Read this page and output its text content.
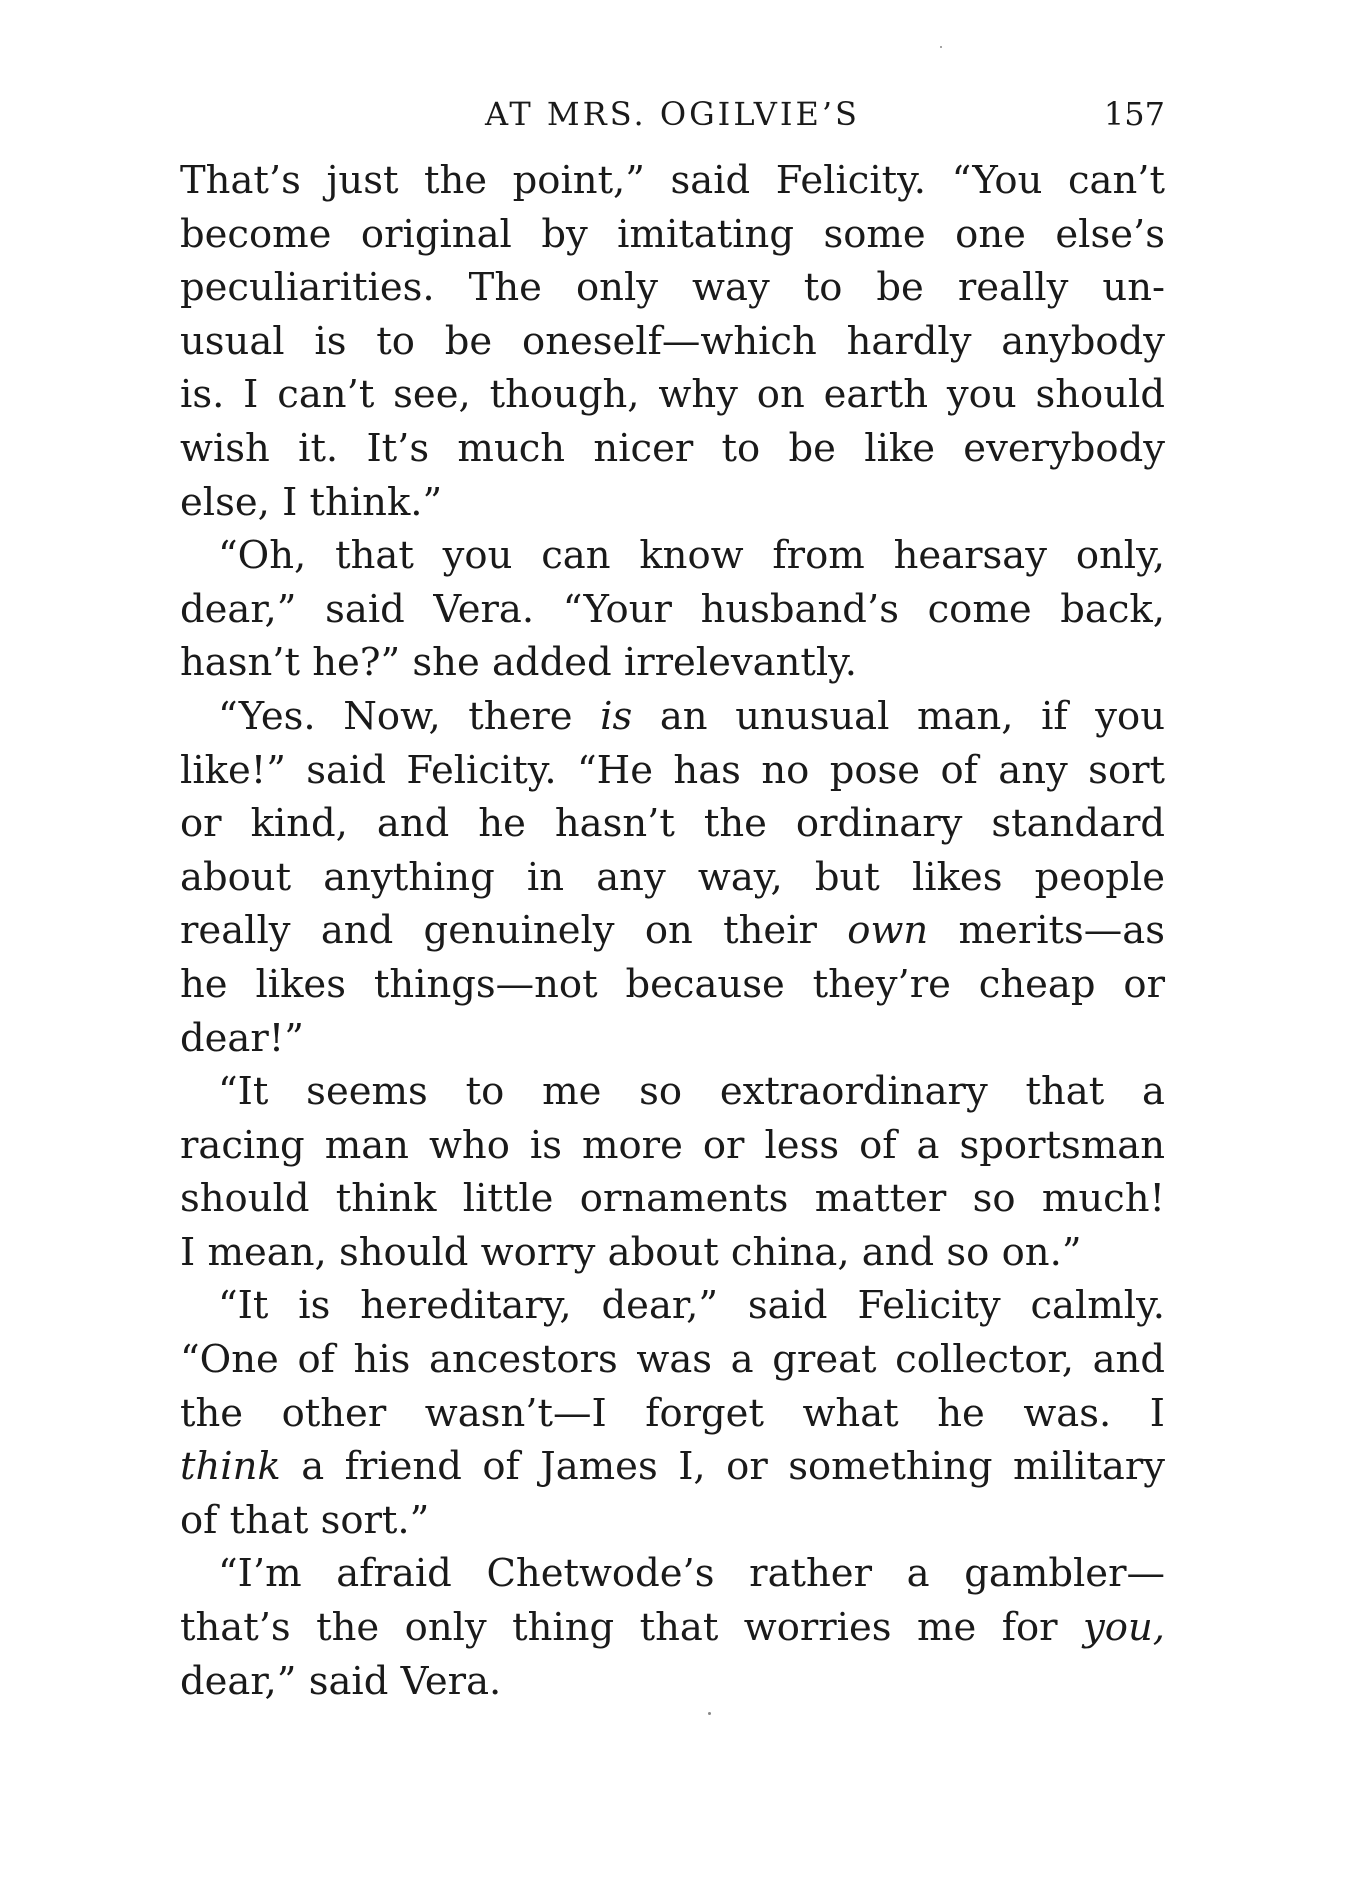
AT MRS. OGILVIE’S	157
That’s just the point,” said Felicity. “You can’t
become original by imitating some one else’s
peculiarities. The only way to be really un-
usual is to be oneself—which hardly anybody
is. I can’t see, though, why on earth you should
wish it. It’s much nicer to be like everybody
else, I think.”
“Oh, that you can know from hearsay only,
dear,” said Vera. “Your husband’s come back,
hasn’t he?” she added irrelevantly.
“Yes. Now, there is an unusual man, if you
like!” said Felicity. “He has no pose of any sort
or kind, and he hasn’t the ordinary standard
about anything in any way, but likes people
really and genuinely on their own merits—as
he likes things—not because they’re cheap or
dear!”
“It seems to me so extraordinary that a
racing man who is more or less of a sportsman
should think little ornaments matter so much!
I mean, should worry about china, and so on.”
“It is hereditary, dear,” said Felicity calmly.
“One of his ancestors was a great collector, and
the other wasn’t—I forget what he was. I
think a friend of James I, or something military
of that sort.”
“I’m afraid Chetwode’s rather a gambler—
that’s the only thing that worries me for you,
dear,” said Vera.
